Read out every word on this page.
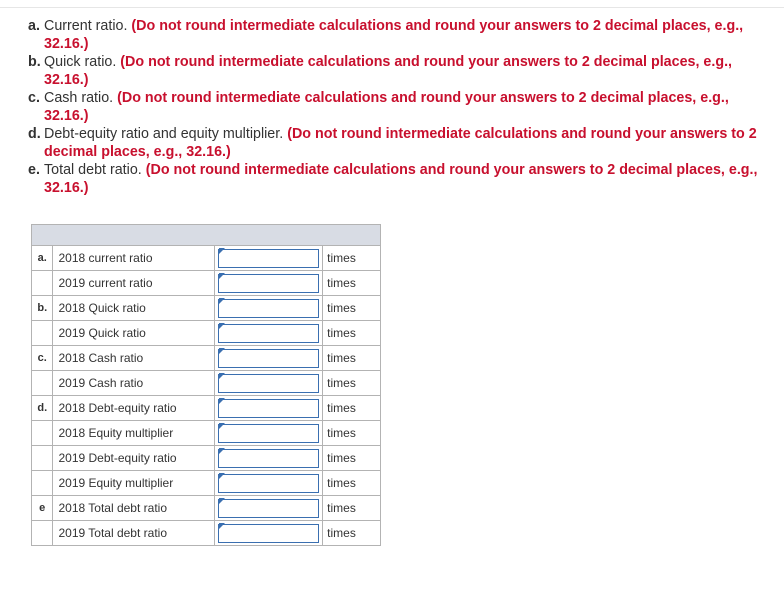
a. Current ratio. (Do not round intermediate calculations and round your answers to 2 decimal places, e.g., 32.16.)

b. Quick ratio. (Do not round intermediate calculations and round your answers to 2 decimal places, e.g., 32.16.)

c. Cash ratio. (Do not round intermediate calculations and round your answers to 2 decimal places, e.g., 32.16.)

d. Debt-equity ratio and equity multiplier. (Do not round intermediate calculations and round your answers to 2 decimal places, e.g., 32.16.)

e. Total debt ratio. (Do not round intermediate calculations and round your answers to 2 decimal places, e.g., 32.16.)

a.	2018 current ratio		times
	2019 current ratio		times
b.	2018 Quick ratio		times
	2019 Quick ratio		times
c.	2018 Cash ratio		times
	2019 Cash ratio		times
d.	2018 Debt-equity ratio		times
	2018 Equity multiplier		times
	2019 Debt-equity ratio		times
	2019 Equity multiplier		times
e	2018 Total debt ratio		times
	2019 Total debt ratio		times
